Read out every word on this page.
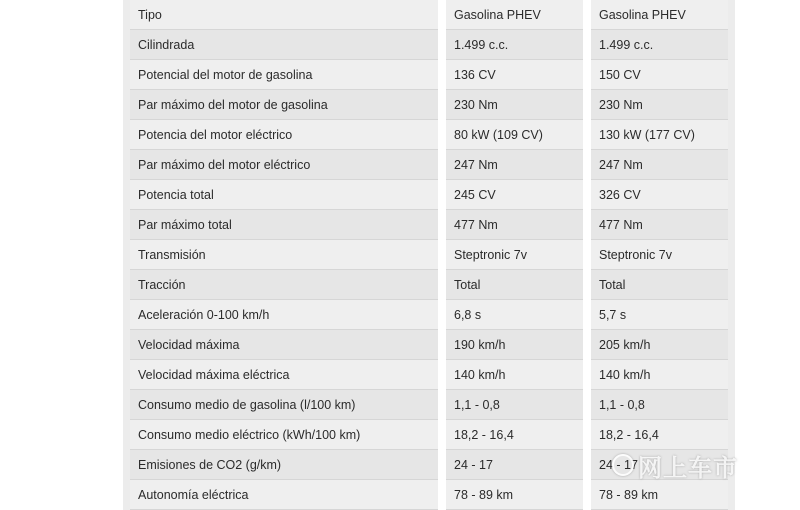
Tipo	Gasolina PHEV	Gasolina PHEV
Cilindrada	1.499 c.c.	1.499 c.c.
Potencial del motor de gasolina	136 CV	150 CV
Par máximo del motor de gasolina	230 Nm	230 Nm
Potencia del motor eléctrico	80 kW (109 CV)	130 kW (177 CV)
Par máximo del motor eléctrico	247 Nm	247 Nm
Potencia total	245 CV	326 CV
Par máximo total	477 Nm	477 Nm
Transmisión	Steptronic 7v	Steptronic 7v
Tracción	Total	Total
Aceleración 0-100 km/h	6,8 s	5,7 s
Velocidad máxima	190 km/h	205 km/h
Velocidad máxima eléctrica	140 km/h	140 km/h
Consumo medio de gasolina (l/100 km)	1,1 - 0,8	1,1 - 0,8
Consumo medio eléctrico (kWh/100 km)	18,2 - 16,4	18,2 - 16,4
Emisiones de CO2 (g/km)	24 - 17	24 - 17
Autonomía eléctrica	78 - 89 km	78 - 89 km
网上车市
